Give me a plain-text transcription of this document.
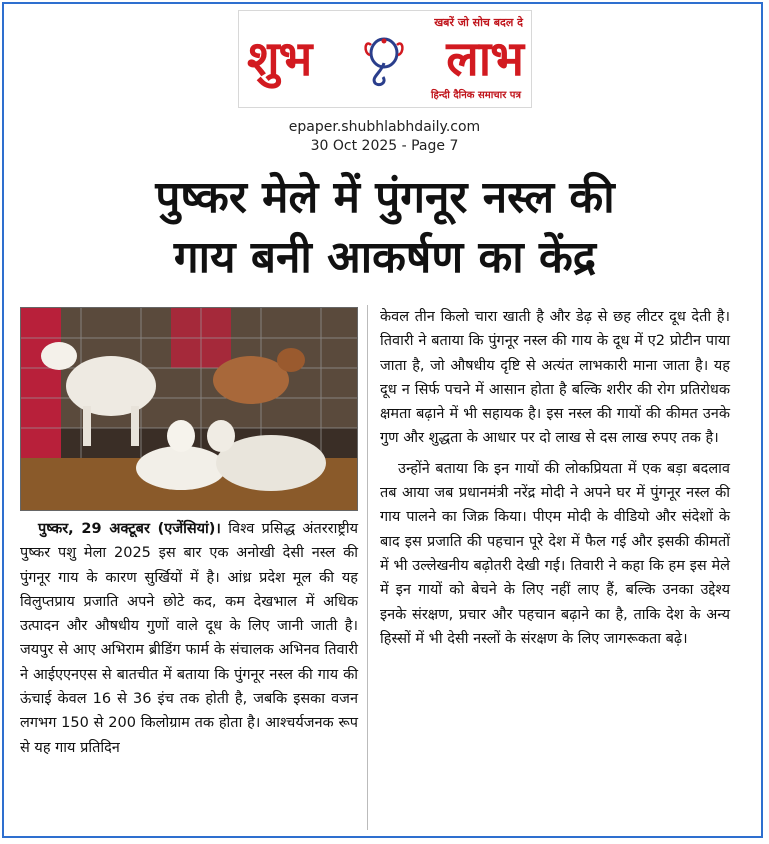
खबरें जो सोच बदल दे
शुभ	लाभ
हिन्दी दैनिक समाचार पत्र
epaper.shubhlabhdaily.com
30 Oct 2025 - Page 7
पुष्कर मेले में पुंगनूर नस्ल की
गाय बनी आकर्षण का केंद्र

पुष्कर, 29 अक्टूबर (एजेंसियां)। विश्व प्रसिद्ध अंतरराष्ट्रीय पुष्कर पशु मेला 2025 इस बार एक अनोखी देसी नस्ल की पुंगनूर गाय के कारण सुर्खियों में है। आंध्र प्रदेश मूल की यह विलुप्तप्राय प्रजाति अपने छोटे कद, कम देखभाल में अधिक उत्पादन और औषधीय गुणों वाले दूध के लिए जानी जाती है। जयपुर से आए अभिराम ब्रीडिंग फार्म के संचालक अभिनव तिवारी ने आईएएनएस से बातचीत में बताया कि पुंगनूर नस्ल की गाय की ऊंचाई केवल 16 से 36 इंच तक होती है, जबकि इसका वजन लगभग 150 से 200 किलोग्राम तक होता है। आश्चर्यजनक रूप से यह गाय प्रतिदिन

केवल तीन किलो चारा खाती है और डेढ़ से छह लीटर दूध देती है। तिवारी ने बताया कि पुंगनूर नस्ल की गाय के दूध में ए2 प्रोटीन पाया जाता है, जो औषधीय दृष्टि से अत्यंत लाभकारी माना जाता है। यह दूध न सिर्फ पचने में आसान होता है बल्कि शरीर की रोग प्रतिरोधक क्षमता बढ़ाने में भी सहायक है। इस नस्ल की गायों की कीमत उनके गुण और शुद्धता के आधार पर दो लाख से दस लाख रुपए तक है।

उन्होंने बताया कि इन गायों की लोकप्रियता में एक बड़ा बदलाव तब आया जब प्रधानमंत्री नरेंद्र मोदी ने अपने घर में पुंगनूर नस्ल की गाय पालने का जिक्र किया। पीएम मोदी के वीडियो और संदेशों के बाद इस प्रजाति की पहचान पूरे देश में फैल गई और इसकी कीमतों में भी उल्लेखनीय बढ़ोतरी देखी गई। तिवारी ने कहा कि हम इस मेले में इन गायों को बेचने के लिए नहीं लाए हैं, बल्कि उनका उद्देश्य इनके संरक्षण, प्रचार और पहचान बढ़ाने का है, ताकि देश के अन्य हिस्सों में भी देसी नस्लों के संरक्षण के लिए जागरूकता बढ़े।
